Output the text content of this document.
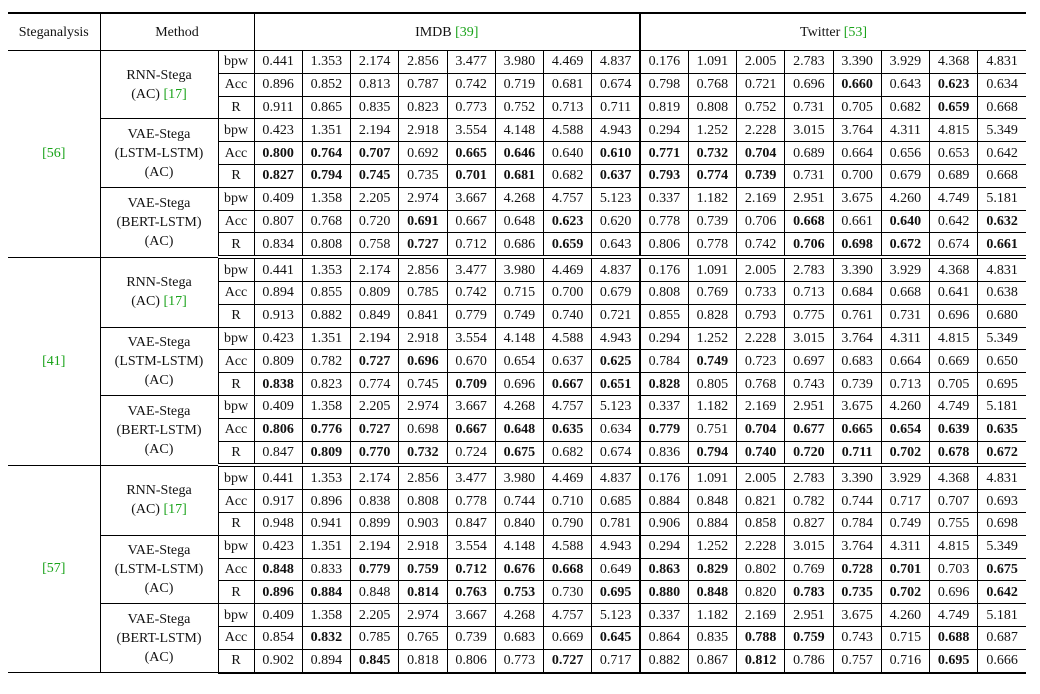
Steganalysis	Method		IMDB [39]								Twitter [53]							
[56]	RNN-Stega
(AC) [17]	bpw	0.441	1.353	2.174	2.856	3.477	3.980	4.469	4.837	0.176	1.091	2.005	2.783	3.390	3.929	4.368	4.831
		Acc	0.896	0.852	0.813	0.787	0.742	0.719	0.681	0.674	0.798	0.768	0.721	0.696	0.660	0.643	0.623	0.634
		R	0.911	0.865	0.835	0.823	0.773	0.752	0.713	0.711	0.819	0.808	0.752	0.731	0.705	0.682	0.659	0.668
	VAE-Stega
(LSTM-LSTM)
(AC)	bpw	0.423	1.351	2.194	2.918	3.554	4.148	4.588	4.943	0.294	1.252	2.228	3.015	3.764	4.311	4.815	5.349
		Acc	0.800	0.764	0.707	0.692	0.665	0.646	0.640	0.610	0.771	0.732	0.704	0.689	0.664	0.656	0.653	0.642
		R	0.827	0.794	0.745	0.735	0.701	0.681	0.682	0.637	0.793	0.774	0.739	0.731	0.700	0.679	0.689	0.668
	VAE-Stega
(BERT-LSTM)
(AC)	bpw	0.409	1.358	2.205	2.974	3.667	4.268	4.757	5.123	0.337	1.182	2.169	2.951	3.675	4.260	4.749	5.181
		Acc	0.807	0.768	0.720	0.691	0.667	0.648	0.623	0.620	0.778	0.739	0.706	0.668	0.661	0.640	0.642	0.632
		R	0.834	0.808	0.758	0.727	0.712	0.686	0.659	0.643	0.806	0.778	0.742	0.706	0.698	0.672	0.674	0.661
[41]	RNN-Stega
(AC) [17]	bpw	0.441	1.353	2.174	2.856	3.477	3.980	4.469	4.837	0.176	1.091	2.005	2.783	3.390	3.929	4.368	4.831
		Acc	0.894	0.855	0.809	0.785	0.742	0.715	0.700	0.679	0.808	0.769	0.733	0.713	0.684	0.668	0.641	0.638
		R	0.913	0.882	0.849	0.841	0.779	0.749	0.740	0.721	0.855	0.828	0.793	0.775	0.761	0.731	0.696	0.680
	VAE-Stega
(LSTM-LSTM)
(AC)	bpw	0.423	1.351	2.194	2.918	3.554	4.148	4.588	4.943	0.294	1.252	2.228	3.015	3.764	4.311	4.815	5.349
		Acc	0.809	0.782	0.727	0.696	0.670	0.654	0.637	0.625	0.784	0.749	0.723	0.697	0.683	0.664	0.669	0.650
		R	0.838	0.823	0.774	0.745	0.709	0.696	0.667	0.651	0.828	0.805	0.768	0.743	0.739	0.713	0.705	0.695
	VAE-Stega
(BERT-LSTM)
(AC)	bpw	0.409	1.358	2.205	2.974	3.667	4.268	4.757	5.123	0.337	1.182	2.169	2.951	3.675	4.260	4.749	5.181
		Acc	0.806	0.776	0.727	0.698	0.667	0.648	0.635	0.634	0.779	0.751	0.704	0.677	0.665	0.654	0.639	0.635
		R	0.847	0.809	0.770	0.732	0.724	0.675	0.682	0.674	0.836	0.794	0.740	0.720	0.711	0.702	0.678	0.672
[57]	RNN-Stega
(AC) [17]	bpw	0.441	1.353	2.174	2.856	3.477	3.980	4.469	4.837	0.176	1.091	2.005	2.783	3.390	3.929	4.368	4.831
		Acc	0.917	0.896	0.838	0.808	0.778	0.744	0.710	0.685	0.884	0.848	0.821	0.782	0.744	0.717	0.707	0.693
		R	0.948	0.941	0.899	0.903	0.847	0.840	0.790	0.781	0.906	0.884	0.858	0.827	0.784	0.749	0.755	0.698
	VAE-Stega
(LSTM-LSTM)
(AC)	bpw	0.423	1.351	2.194	2.918	3.554	4.148	4.588	4.943	0.294	1.252	2.228	3.015	3.764	4.311	4.815	5.349
		Acc	0.848	0.833	0.779	0.759	0.712	0.676	0.668	0.649	0.863	0.829	0.802	0.769	0.728	0.701	0.703	0.675
		R	0.896	0.884	0.848	0.814	0.763	0.753	0.730	0.695	0.880	0.848	0.820	0.783	0.735	0.702	0.696	0.642
	VAE-Stega
(BERT-LSTM)
(AC)	bpw	0.409	1.358	2.205	2.974	3.667	4.268	4.757	5.123	0.337	1.182	2.169	2.951	3.675	4.260	4.749	5.181
		Acc	0.854	0.832	0.785	0.765	0.739	0.683	0.669	0.645	0.864	0.835	0.788	0.759	0.743	0.715	0.688	0.687
		R	0.902	0.894	0.845	0.818	0.806	0.773	0.727	0.717	0.882	0.867	0.812	0.786	0.757	0.716	0.695	0.666
